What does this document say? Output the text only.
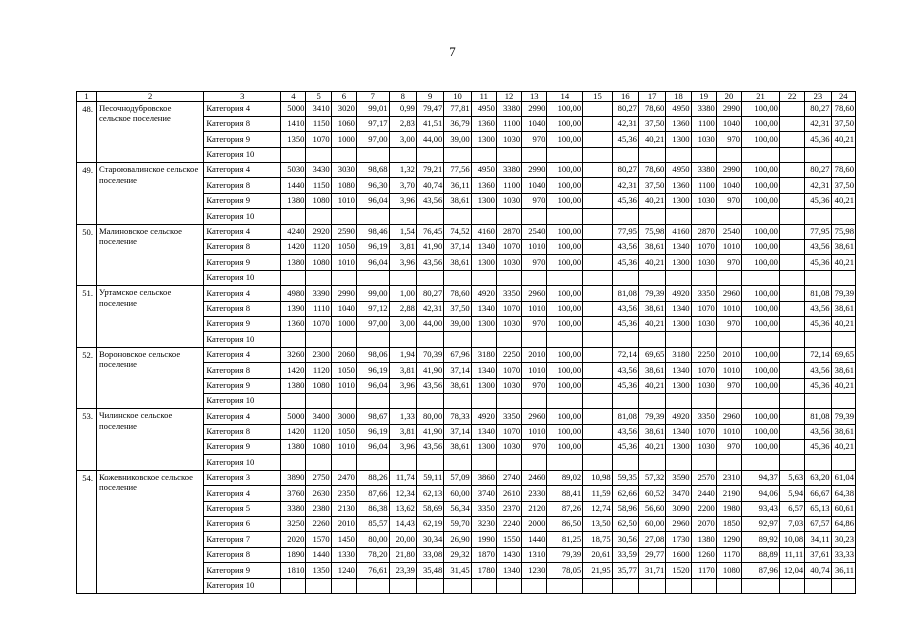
7
1	2	3	4	5	6	7	8	9	10	11	12	13	14	15	16	17	18	19	20	21	22	23	24
48.	Песочнодубровское сельское поселение	Категория 4	5000	3410	3020	99,01	0,99	79,47	77,81	4950	3380	2990	100,00		80,27	78,60	4950	3380	2990	100,00		80,27	78,60
		Категория 8	1410	1150	1060	97,17	2,83	41,51	36,79	1360	1100	1040	100,00		42,31	37,50	1360	1100	1040	100,00		42,31	37,50
		Категория 9	1350	1070	1000	97,00	3,00	44,00	39,00	1300	1030	970	100,00		45,36	40,21	1300	1030	970	100,00		45,36	40,21
		Категория 10																					
49.	Староювалинское сельское поселение	Категория 4	5030	3430	3030	98,68	1,32	79,21	77,56	4950	3380	2990	100,00		80,27	78,60	4950	3380	2990	100,00		80,27	78,60
		Категория 8	1440	1150	1080	96,30	3,70	40,74	36,11	1360	1100	1040	100,00		42,31	37,50	1360	1100	1040	100,00		42,31	37,50
		Категория 9	1380	1080	1010	96,04	3,96	43,56	38,61	1300	1030	970	100,00		45,36	40,21	1300	1030	970	100,00		45,36	40,21
		Категория 10																					
50.	Малиновское сельское поселение	Категория 4	4240	2920	2590	98,46	1,54	76,45	74,52	4160	2870	2540	100,00		77,95	75,98	4160	2870	2540	100,00		77,95	75,98
		Категория 8	1420	1120	1050	96,19	3,81	41,90	37,14	1340	1070	1010	100,00		43,56	38,61	1340	1070	1010	100,00		43,56	38,61
		Категория 9	1380	1080	1010	96,04	3,96	43,56	38,61	1300	1030	970	100,00		45,36	40,21	1300	1030	970	100,00		45,36	40,21
		Категория 10																					
51.	Уртамское сельское поселение	Категория 4	4980	3390	2990	99,00	1,00	80,27	78,60	4920	3350	2960	100,00		81,08	79,39	4920	3350	2960	100,00		81,08	79,39
		Категория 8	1390	1110	1040	97,12	2,88	42,31	37,50	1340	1070	1010	100,00		43,56	38,61	1340	1070	1010	100,00		43,56	38,61
		Категория 9	1360	1070	1000	97,00	3,00	44,00	39,00	1300	1030	970	100,00		45,36	40,21	1300	1030	970	100,00		45,36	40,21
		Категория 10																					
52.	Вороновское сельское поселение	Категория 4	3260	2300	2060	98,06	1,94	70,39	67,96	3180	2250	2010	100,00		72,14	69,65	3180	2250	2010	100,00		72,14	69,65
		Категория 8	1420	1120	1050	96,19	3,81	41,90	37,14	1340	1070	1010	100,00		43,56	38,61	1340	1070	1010	100,00		43,56	38,61
		Категория 9	1380	1080	1010	96,04	3,96	43,56	38,61	1300	1030	970	100,00		45,36	40,21	1300	1030	970	100,00		45,36	40,21
		Категория 10																					
53.	Чилинское сельское поселение	Категория 4	5000	3400	3000	98,67	1,33	80,00	78,33	4920	3350	2960	100,00		81,08	79,39	4920	3350	2960	100,00		81,08	79,39
		Категория 8	1420	1120	1050	96,19	3,81	41,90	37,14	1340	1070	1010	100,00		43,56	38,61	1340	1070	1010	100,00		43,56	38,61
		Категория 9	1380	1080	1010	96,04	3,96	43,56	38,61	1300	1030	970	100,00		45,36	40,21	1300	1030	970	100,00		45,36	40,21
		Категория 10																					
54.	Кожевниковское сельское поселение	Категория 3	3890	2750	2470	88,26	11,74	59,11	57,09	3860	2740	2460	89,02	10,98	59,35	57,32	3590	2570	2310	94,37	5,63	63,20	61,04
		Категория 4	3760	2630	2350	87,66	12,34	62,13	60,00	3740	2610	2330	88,41	11,59	62,66	60,52	3470	2440	2190	94,06	5,94	66,67	64,38
		Категория 5	3380	2380	2130	86,38	13,62	58,69	56,34	3350	2370	2120	87,26	12,74	58,96	56,60	3090	2200	1980	93,43	6,57	65,13	60,61
		Категория 6	3250	2260	2010	85,57	14,43	62,19	59,70	3230	2240	2000	86,50	13,50	62,50	60,00	2960	2070	1850	92,97	7,03	67,57	64,86
		Категория 7	2020	1570	1450	80,00	20,00	30,34	26,90	1990	1550	1440	81,25	18,75	30,56	27,08	1730	1380	1290	89,92	10,08	34,11	30,23
		Категория 8	1890	1440	1330	78,20	21,80	33,08	29,32	1870	1430	1310	79,39	20,61	33,59	29,77	1600	1260	1170	88,89	11,11	37,61	33,33
		Категория 9	1810	1350	1240	76,61	23,39	35,48	31,45	1780	1340	1230	78,05	21,95	35,77	31,71	1520	1170	1080	87,96	12,04	40,74	36,11
		Категория 10																					
